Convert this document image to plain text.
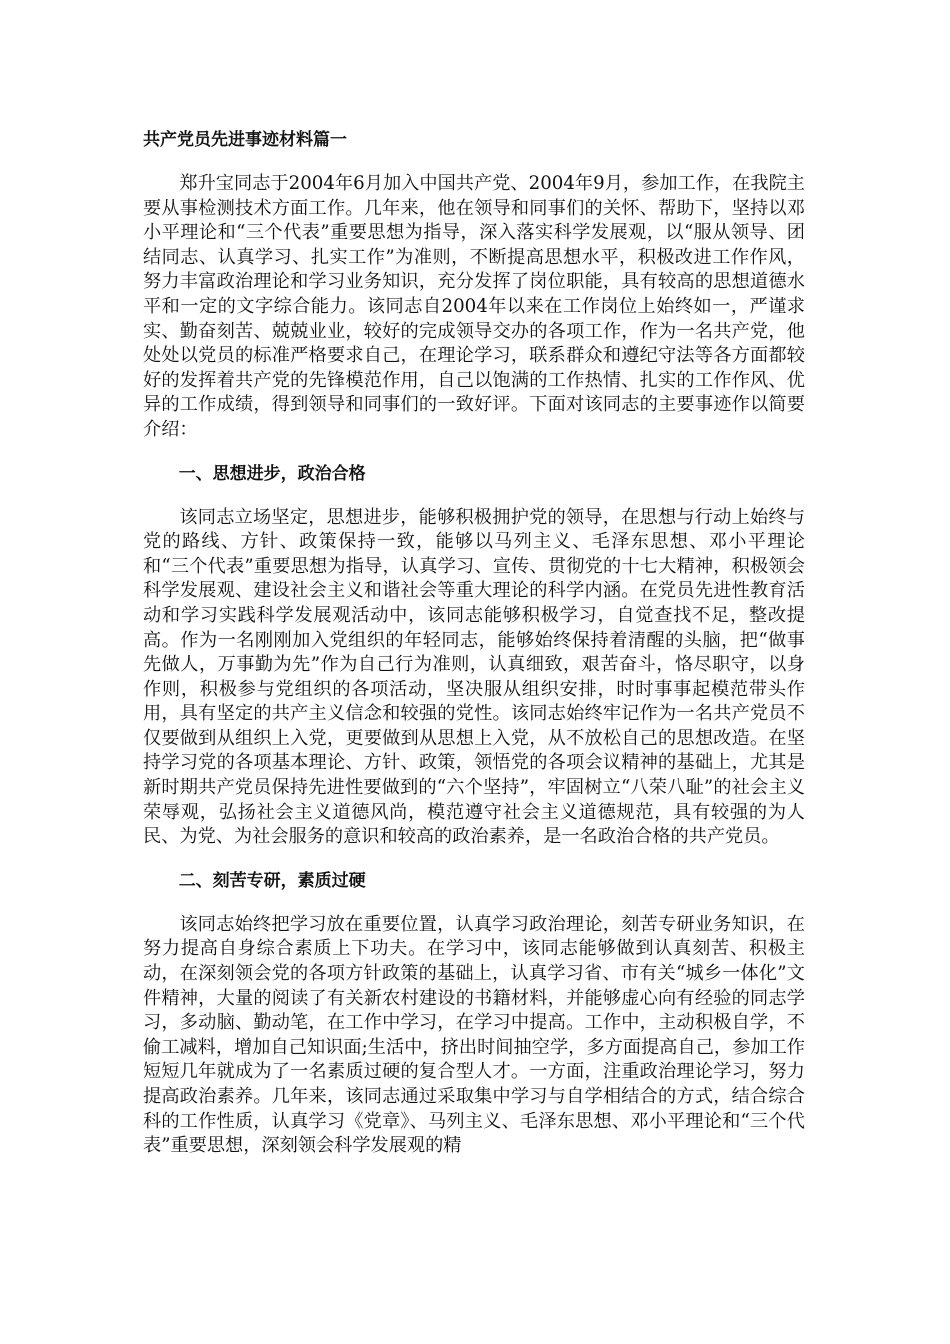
共产党员先进事迹材料篇一

郑升宝同志于2004年6月加入中国共产党、2004年9月，参加工作，在我院主要从事检测技术方面工作。几年来，他在领导和同事们的关怀、帮助下，坚持以邓小平理论和“三个代表”重要思想为指导，深入落实科学发展观，以“服从领导、团结同志、认真学习、扎实工作”为准则，不断提高思想水平，积极改进工作作风，努力丰富政治理论和学习业务知识，充分发挥了岗位职能，具有较高的思想道德水平和一定的文字综合能力。该同志自2004年以来在工作岗位上始终如一，严谨求实、勤奋刻苦、兢兢业业，较好的完成领导交办的各项工作，作为一名共产党，他处处以党员的标准严格要求自己，在理论学习，联系群众和遵纪守法等各方面都较好的发挥着共产党的先锋模范作用，自己以饱满的工作热情、扎实的工作作风、优异的工作成绩，得到领导和同事们的一致好评。下面对该同志的主要事迹作以简要介绍：

一、思想进步，政治合格

该同志立场坚定，思想进步，能够积极拥护党的领导，在思想与行动上始终与党的路线、方针、政策保持一致，能够以马列主义、毛泽东思想、邓小平理论和“三个代表”重要思想为指导，认真学习、宣传、贯彻党的十七大精神，积极领会科学发展观、建设社会主义和谐社会等重大理论的科学内涵。在党员先进性教育活动和学习实践科学发展观活动中，该同志能够积极学习，自觉查找不足，整改提高。作为一名刚刚加入党组织的年轻同志，能够始终保持着清醒的头脑，把“做事先做人，万事勤为先”作为自己行为准则，认真细致，艰苦奋斗，恪尽职守，以身作则，积极参与党组织的各项活动，坚决服从组织安排，时时事事起模范带头作用，具有坚定的共产主义信念和较强的党性。该同志始终牢记作为一名共产党员不仅要做到从组织上入党，更要做到从思想上入党，从不放松自己的思想改造。在坚持学习党的各项基本理论、方针、政策，领悟党的各项会议精神的基础上，尤其是新时期共产党员保持先进性要做到的“六个坚持”，牢固树立“八荣八耻”的社会主义荣辱观，弘扬社会主义道德风尚，模范遵守社会主义道德规范，具有较强的为人民、为党、为社会服务的意识和较高的政治素养，是一名政治合格的共产党员。

二、刻苦专研，素质过硬

该同志始终把学习放在重要位置，认真学习政治理论，刻苦专研业务知识，在努力提高自身综合素质上下功夫。在学习中，该同志能够做到认真刻苦、积极主动，在深刻领会党的各项方针政策的基础上，认真学习省、市有关“城乡一体化”文件精神，大量的阅读了有关新农村建设的书籍材料，并能够虚心向有经验的同志学习，多动脑、勤动笔，在工作中学习，在学习中提高。工作中，主动积极自学，不偷工减料，增加自己知识面;生活中，挤出时间抽空学，多方面提高自己，参加工作短短几年就成为了一名素质过硬的复合型人才。一方面，注重政治理论学习，努力提高政治素养。几年来，该同志通过采取集中学习与自学相结合的方式，结合综合科的工作性质，认真学习《党章》、马列主义、毛泽东思想、邓小平理论和“三个代表”重要思想，深刻领会科学发展观的精
